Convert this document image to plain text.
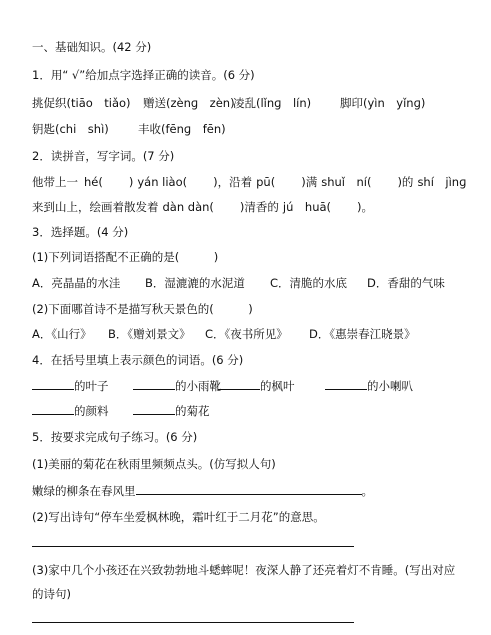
一、基础知识。(42 分)
1．用“ √”给加点字选择正确的读音。(6 分)
挑促织(tiāo　tiǎo) 赠送(zènɡ　zèn)
凌乱(lǐnɡ　lín)	脚印(yìn　yǐnɡ)
钥匙(chi　shì)	丰收(fēnɡ　fēn)
2．读拼音，写字词。(7 分)
他带上一 hé( ) yán liào( )，沿着 pū( )满 shuǐ　ní( )的 shí　jìnɡ
来到山上，绘画着散发着 dàn dàn( )清香的 jú　huā( )。
3．选择题。(4 分)
(1)下列词语搭配不正确的是(　　　)
A．亮晶晶的水洼 B．湿漉漉的水泥道 C．清脆的水底 D．香甜的气味
(2)下面哪首诗不是描写秋天景色的(　　　)
A．《山行》 B．《赠刘景文》 C．《夜书所见》 D．《惠崇春江晓景》
4．在括号里填上表示颜色的词语。(6 分)
的叶子	的小雨靴	的枫叶	的小喇叭
的颜料	的菊花
5．按要求完成句子练习。(6 分)
(1)美丽的菊花在秋雨里频频点头。(仿写拟人句)
嫩绿的柳条在春风里	。
(2)写出诗句“停车坐爱枫林晚，霜叶红于二月花”的意思。
(3)家中几个小孩还在兴致勃勃地斗蟋蟀呢！夜深人静了还亮着灯不肯睡。(写出对应
的诗句)
